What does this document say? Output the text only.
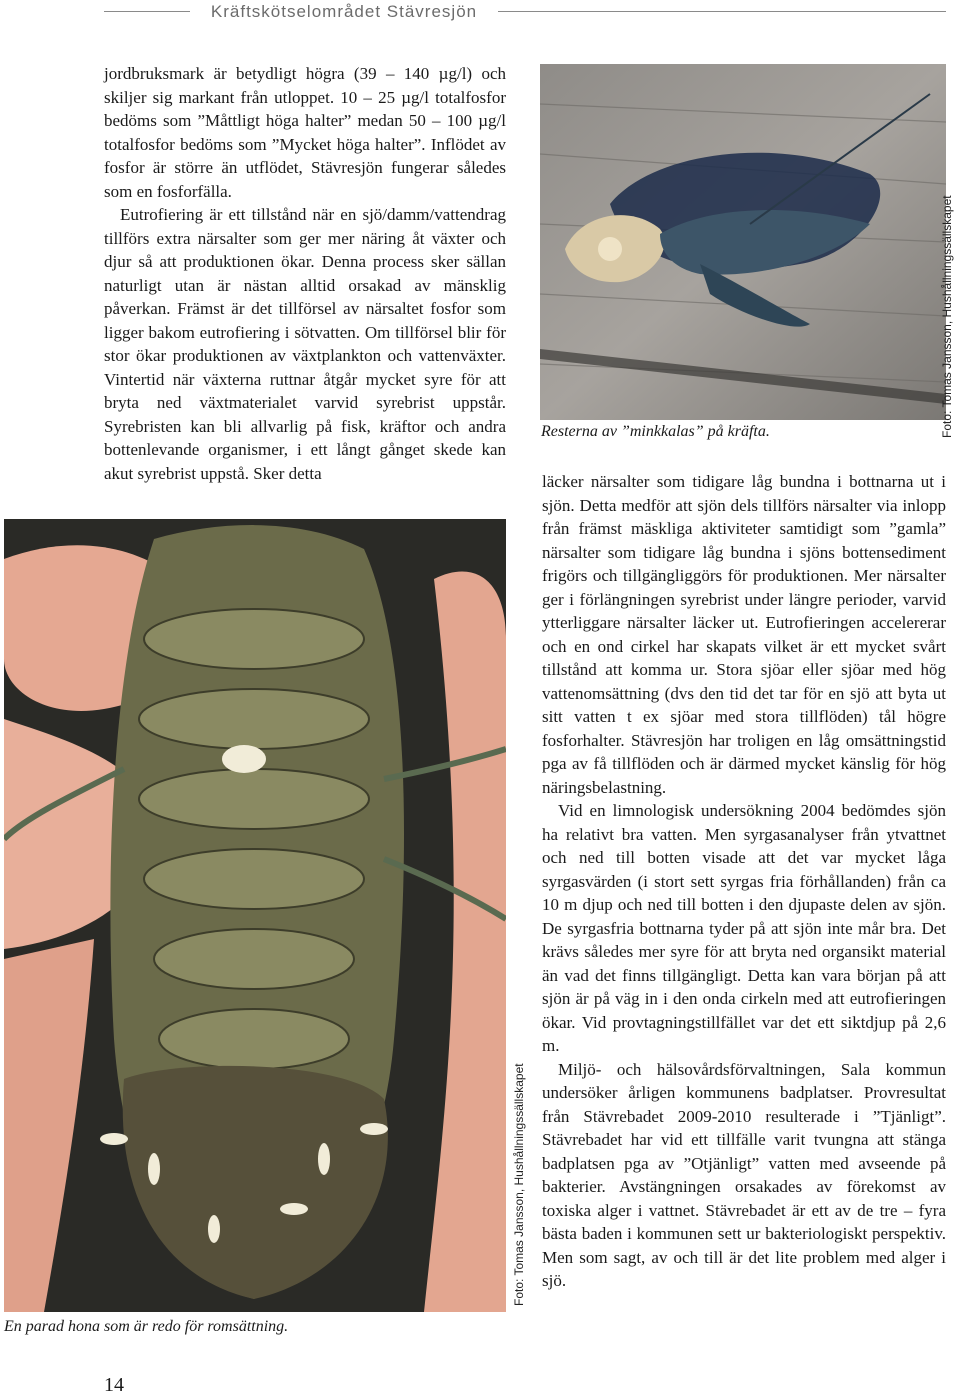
Kräftskötselområdet Stävresjön

jordbruksmark är betydligt högra (39 – 140 µg/l) och skiljer sig markant från utloppet. 10 – 25 µg/l totalfosfor bedöms som ”Måttligt höga halter” medan 50 – 100 µg/l totalfosfor bedöms som ”Mycket höga halter”. Inflödet av fosfor är större än utflödet, Stävresjön fungerar således som en fosforfälla.

Eutrofiering är ett tillstånd när en sjö/damm/vattendrag tillförs extra närsalter som ger mer näring åt växter och djur så att produktionen ökar. Denna process sker sällan naturligt utan är nästan alltid orsakad av mänsklig påverkan. Främst är det tillförsel av närsaltet fosfor som ligger bakom eutrofiering i sötvatten. Om tillförsel blir för stor ökar produktionen av växtplankton och vattenväxter. Vintertid när växterna ruttnar åtgår mycket syre för att bryta ned växtmaterialet varvid syrebrist uppstår. Syrebristen kan bli allvarlig på fisk, kräftor och andra bottenlevande organismer, i ett långt gånget skede kan akut syrebrist uppstå. Sker detta

Resterna av ”minkkalas” på kräfta.	Foto: Tomas Jansson, Hushållningssällskapet
En parad hona som är redo för romsättning.
Foto: Tomas Jansson, Hushållningssällskapet

läcker närsalter som tidigare låg bundna i bottnarna ut i sjön. Detta medför att sjön dels tillförs närsalter via inlopp från främst mäskliga aktiviteter samtidigt som ”gamla” närsalter som tidigare låg bundna i sjöns bottensediment frigörs och tillgängliggörs för produktionen. Mer närsalter ger i förlängningen syrebrist under längre perioder, varvid ytterliggare närsalter läcker ut. Eutrofieringen accelererar och en ond cirkel har skapats vilket är ett mycket svårt tillstånd att komma ur. Stora sjöar eller sjöar med hög vattenomsättning (dvs den tid det tar för en sjö att byta ut sitt vatten t ex sjöar med stora tillflöden) tål högre fosforhalter. Stävresjön har troligen en låg omsättningstid pga av få tillflöden och är därmed mycket känslig för hög näringsbelastning.

Vid en limnologisk undersökning 2004 bedömdes sjön ha relativt bra vatten. Men syrgasanalyser från ytvattnet och ned till botten visade att det var mycket låga syrgasvärden (i stort sett syrgas fria förhållanden) från ca 10 m djup och ned till botten i den djupaste delen av sjön. De syrgasfria bottnarna tyder på att sjön inte mår bra. Det krävs således mer syre för att bryta ned organsikt material än vad det finns tillgängligt. Detta kan vara början på att sjön är på väg in i den onda cirkeln med att eutrofieringen ökar. Vid provtagningstillfället var det ett siktdjup på 2,6 m.

Miljö- och hälsovårdsförvaltningen, Sala kommun undersöker årligen kommunens badplatser. Provresultat från Stävrebadet 2009-2010 resulterade i ”Tjänligt”. Stävrebadet har vid ett tillfälle varit tvungna att stänga badplatsen pga av ”Otjänligt” vatten med avseende på bakterier. Avstängningen orsakades av förekomst av toxiska alger i vattnet. Stävrebadet är ett av de tre – fyra bästa baden i kommunen sett ur bakteriologiskt perspektiv. Men som sagt, av och till är det lite problem med alger i sjö.

14
